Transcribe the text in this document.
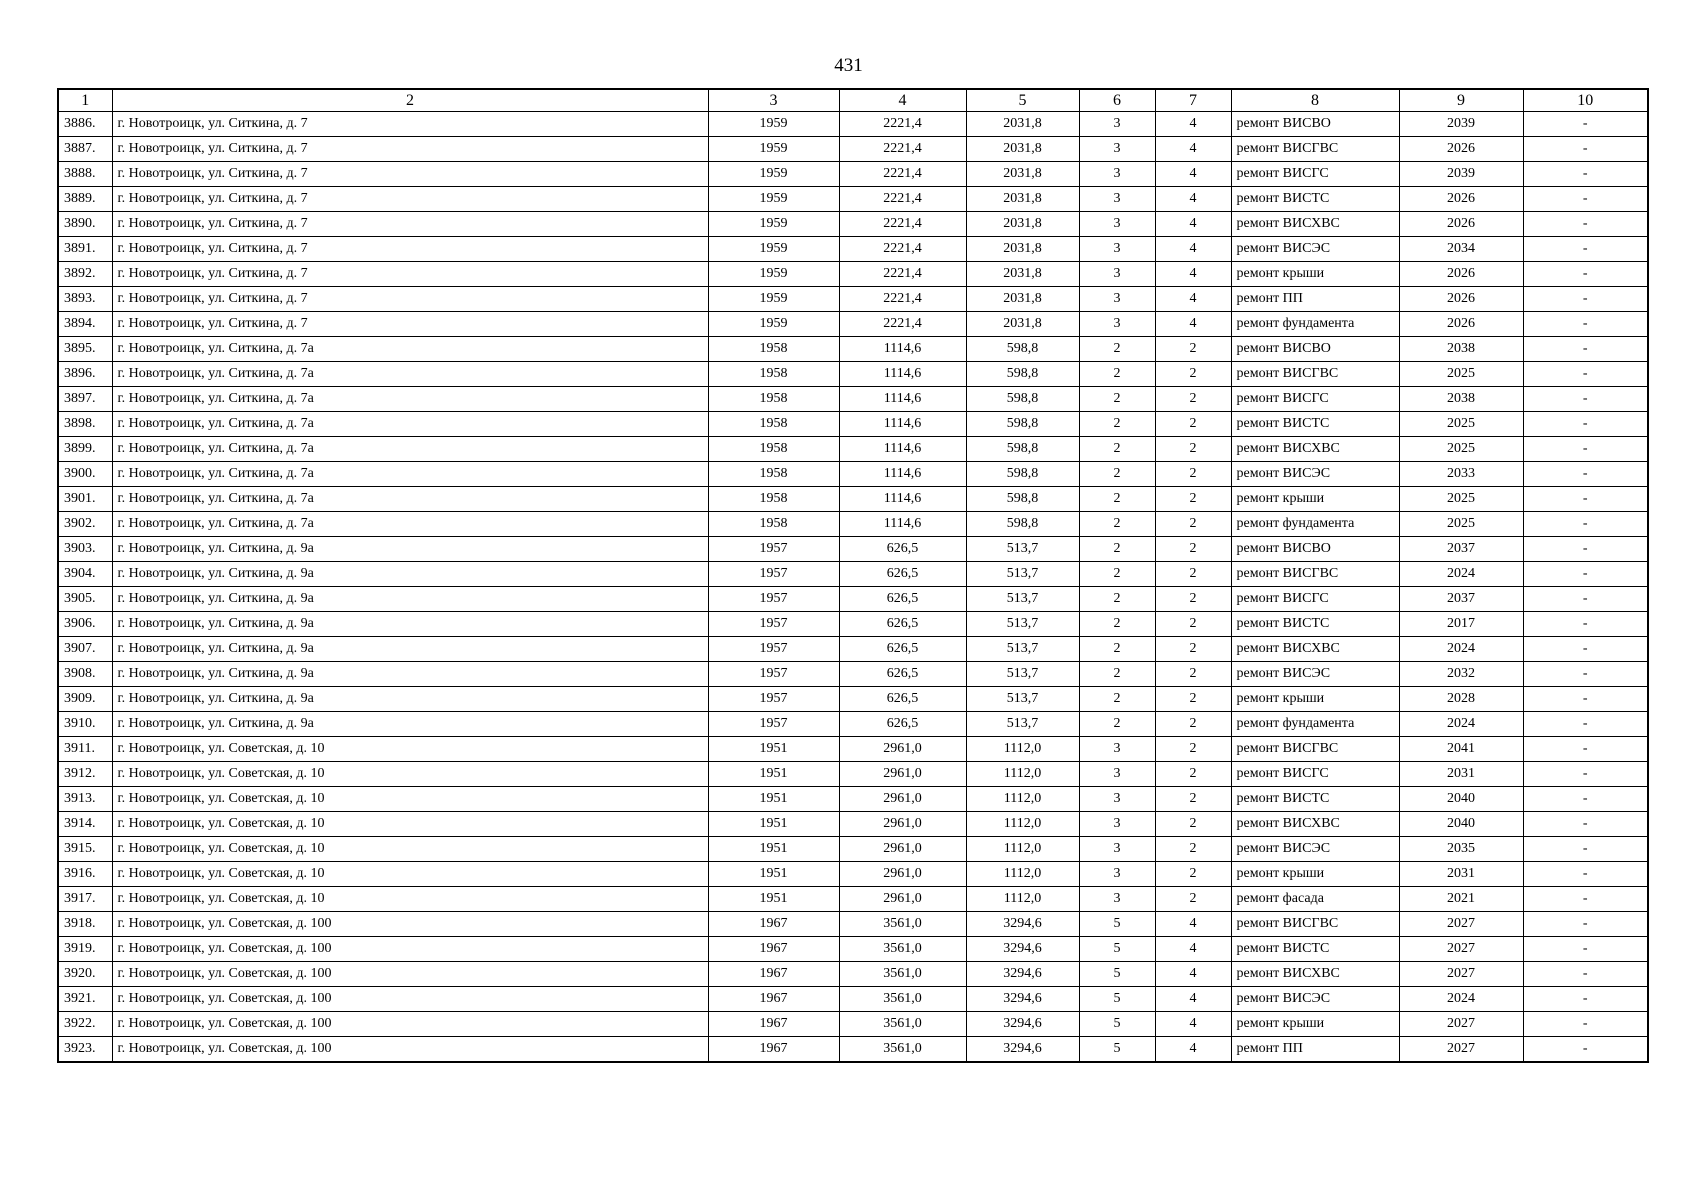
431
1	2	3	4	5	6	7	8	9	10
3886.	г. Новотроицк, ул. Ситкина, д. 7	1959	2221,4	2031,8	3	4	ремонт ВИСВО	2039	-
3887.	г. Новотроицк, ул. Ситкина, д. 7	1959	2221,4	2031,8	3	4	ремонт ВИСГВС	2026	-
3888.	г. Новотроицк, ул. Ситкина, д. 7	1959	2221,4	2031,8	3	4	ремонт ВИСГС	2039	-
3889.	г. Новотроицк, ул. Ситкина, д. 7	1959	2221,4	2031,8	3	4	ремонт ВИСТС	2026	-
3890.	г. Новотроицк, ул. Ситкина, д. 7	1959	2221,4	2031,8	3	4	ремонт ВИСХВС	2026	-
3891.	г. Новотроицк, ул. Ситкина, д. 7	1959	2221,4	2031,8	3	4	ремонт ВИСЭС	2034	-
3892.	г. Новотроицк, ул. Ситкина, д. 7	1959	2221,4	2031,8	3	4	ремонт крыши	2026	-
3893.	г. Новотроицк, ул. Ситкина, д. 7	1959	2221,4	2031,8	3	4	ремонт ПП	2026	-
3894.	г. Новотроицк, ул. Ситкина, д. 7	1959	2221,4	2031,8	3	4	ремонт фундамента	2026	-
3895.	г. Новотроицк, ул. Ситкина, д. 7а	1958	1114,6	598,8	2	2	ремонт ВИСВО	2038	-
3896.	г. Новотроицк, ул. Ситкина, д. 7а	1958	1114,6	598,8	2	2	ремонт ВИСГВС	2025	-
3897.	г. Новотроицк, ул. Ситкина, д. 7а	1958	1114,6	598,8	2	2	ремонт ВИСГС	2038	-
3898.	г. Новотроицк, ул. Ситкина, д. 7а	1958	1114,6	598,8	2	2	ремонт ВИСТС	2025	-
3899.	г. Новотроицк, ул. Ситкина, д. 7а	1958	1114,6	598,8	2	2	ремонт ВИСХВС	2025	-
3900.	г. Новотроицк, ул. Ситкина, д. 7а	1958	1114,6	598,8	2	2	ремонт ВИСЭС	2033	-
3901.	г. Новотроицк, ул. Ситкина, д. 7а	1958	1114,6	598,8	2	2	ремонт крыши	2025	-
3902.	г. Новотроицк, ул. Ситкина, д. 7а	1958	1114,6	598,8	2	2	ремонт фундамента	2025	-
3903.	г. Новотроицк, ул. Ситкина, д. 9а	1957	626,5	513,7	2	2	ремонт ВИСВО	2037	-
3904.	г. Новотроицк, ул. Ситкина, д. 9а	1957	626,5	513,7	2	2	ремонт ВИСГВС	2024	-
3905.	г. Новотроицк, ул. Ситкина, д. 9а	1957	626,5	513,7	2	2	ремонт ВИСГС	2037	-
3906.	г. Новотроицк, ул. Ситкина, д. 9а	1957	626,5	513,7	2	2	ремонт ВИСТС	2017	-
3907.	г. Новотроицк, ул. Ситкина, д. 9а	1957	626,5	513,7	2	2	ремонт ВИСХВС	2024	-
3908.	г. Новотроицк, ул. Ситкина, д. 9а	1957	626,5	513,7	2	2	ремонт ВИСЭС	2032	-
3909.	г. Новотроицк, ул. Ситкина, д. 9а	1957	626,5	513,7	2	2	ремонт крыши	2028	-
3910.	г. Новотроицк, ул. Ситкина, д. 9а	1957	626,5	513,7	2	2	ремонт фундамента	2024	-
3911.	г. Новотроицк, ул. Советская, д. 10	1951	2961,0	1112,0	3	2	ремонт ВИСГВС	2041	-
3912.	г. Новотроицк, ул. Советская, д. 10	1951	2961,0	1112,0	3	2	ремонт ВИСГС	2031	-
3913.	г. Новотроицк, ул. Советская, д. 10	1951	2961,0	1112,0	3	2	ремонт ВИСТС	2040	-
3914.	г. Новотроицк, ул. Советская, д. 10	1951	2961,0	1112,0	3	2	ремонт ВИСХВС	2040	-
3915.	г. Новотроицк, ул. Советская, д. 10	1951	2961,0	1112,0	3	2	ремонт ВИСЭС	2035	-
3916.	г. Новотроицк, ул. Советская, д. 10	1951	2961,0	1112,0	3	2	ремонт крыши	2031	-
3917.	г. Новотроицк, ул. Советская, д. 10	1951	2961,0	1112,0	3	2	ремонт фасада	2021	-
3918.	г. Новотроицк, ул. Советская, д. 100	1967	3561,0	3294,6	5	4	ремонт ВИСГВС	2027	-
3919.	г. Новотроицк, ул. Советская, д. 100	1967	3561,0	3294,6	5	4	ремонт ВИСТС	2027	-
3920.	г. Новотроицк, ул. Советская, д. 100	1967	3561,0	3294,6	5	4	ремонт ВИСХВС	2027	-
3921.	г. Новотроицк, ул. Советская, д. 100	1967	3561,0	3294,6	5	4	ремонт ВИСЭС	2024	-
3922.	г. Новотроицк, ул. Советская, д. 100	1967	3561,0	3294,6	5	4	ремонт крыши	2027	-
3923.	г. Новотроицк, ул. Советская, д. 100	1967	3561,0	3294,6	5	4	ремонт ПП	2027	-
